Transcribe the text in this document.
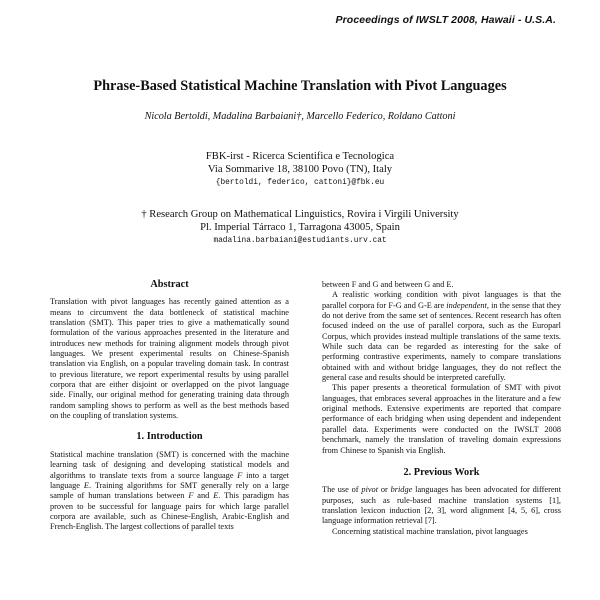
Proceedings of IWSLT 2008, Hawaii - U.S.A.
Phrase-Based Statistical Machine Translation with Pivot Languages
Nicola Bertoldi, Madalina Barbaiani†, Marcello Federico, Roldano Cattoni
FBK-irst - Ricerca Scientifica e Tecnologica
Via Sommarive 18, 38100 Povo (TN), Italy
{bertoldi, federico, cattoni}@fbk.eu
† Research Group on Mathematical Linguistics, Rovira i Virgili University
Pl. Imperial Tárraco 1, Tarragona 43005, Spain
madalina.barbaiani@estudiants.urv.cat
Abstract

Translation with pivot languages has recently gained attention as a means to circumvent the data bottleneck of statistical machine translation (SMT). This paper tries to give a mathematically sound formulation of the various approaches presented in the literature and introduces new methods for training alignment models through pivot languages. We present experimental results on Chinese-Spanish translation via English, on a popular traveling domain task. In contrast to previous literature, we report experimental results by using parallel corpora that are either disjoint or overlapped on the pivot language side. Finally, our original method for generating training data through random sampling shows to perform as well as the best methods based on the coupling of translation systems.

1. Introduction

Statistical machine translation (SMT) is concerned with the machine learning task of designing and developing statistical models and algorithms to translate texts from a source language F into a target language E. Training algorithms for SMT generally rely on a large sample of human translations between F and E. This paradigm has proven to be successful for language pairs for which large parallel corpora are available, such as Chinese-English, Arabic-English and French-English. The largest collections of parallel texts

between F and G and between G and E.

A realistic working condition with pivot languages is that the parallel corpora for F-G and G-E are independent, in the sense that they do not derive from the same set of sentences. Recent research has often focused indeed on the use of parallel corpora, such as the Europarl Corpus, which provides instead multiple translations of the same texts. While such data can be regarded as interesting for the sake of performing contrastive experiments, namely to compare translations obtained with and without bridge languages, they do not reflect the general case and results should be interpreted carefully.

This paper presents a theoretical formulation of SMT with pivot languages, that embraces several approaches in the literature and a few original methods. Extensive experiments are reported that compare performance of each bridging when using dependent and independent parallel data. Experiments were conducted on the IWSLT 2008 benchmark, namely the translation of traveling domain expressions from Chinese to Spanish via English.

2. Previous Work

The use of pivot or bridge languages has been advocated for different purposes, such as rule-based machine translation systems [1], translation lexicon induction [2, 3], word alignment [4, 5, 6], cross language information retrieval [7].

Concerning statistical machine translation, pivot languages
